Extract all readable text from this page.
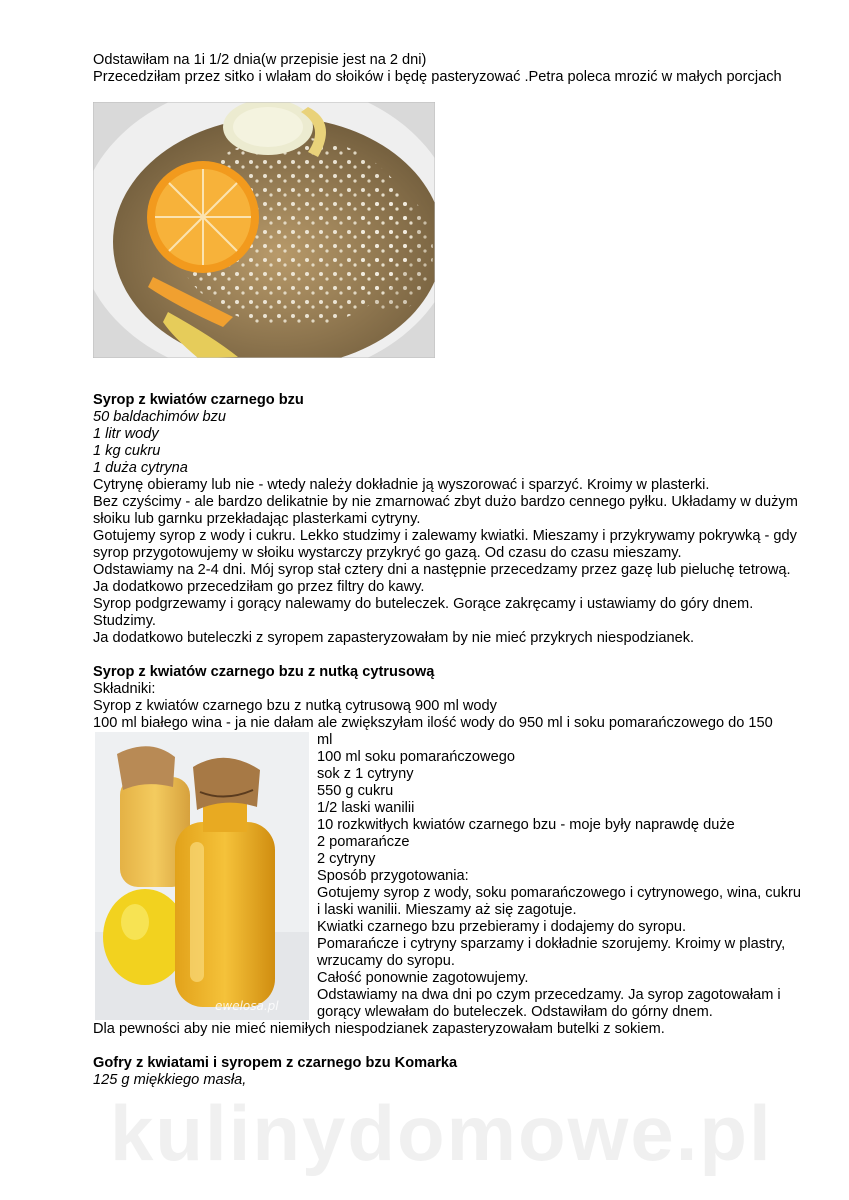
Odstawiłam na 1i 1/2 dnia(w przepisie jest na 2 dni)

Przecedziłam przez sitko i wlałam do słoików i będę pasteryzować .Petra poleca mrozić w małych porcjach

Syrop z kwiatów czarnego bzu

50 baldachimów bzu

1 litr wody

1 kg cukru

1 duża cytryna

Cytrynę obieramy lub nie - wtedy należy dokładnie ją wyszorować i sparzyć. Kroimy w plasterki.

Bez czyścimy - ale bardzo delikatnie by nie zmarnować zbyt dużo bardzo cennego pyłku. Układamy w dużym słoiku lub garnku przekładając plasterkami cytryny.

Gotujemy syrop z wody i cukru. Lekko studzimy i zalewamy kwiatki. Mieszamy i przykrywamy pokrywką - gdy syrop przygotowujemy w słoiku wystarczy przykryć go gazą. Od czasu do czasu mieszamy.

Odstawiamy na 2-4 dni. Mój syrop stał cztery dni a następnie przecedzamy przez gazę lub pieluchę tetrową. Ja dodatkowo przecedziłam go przez filtry do kawy.

Syrop podgrzewamy i gorący nalewamy do buteleczek. Gorące zakręcamy i ustawiamy do góry dnem.

Studzimy.

Ja dodatkowo buteleczki z syropem zapasteryzowałam by nie mieć przykrych niespodzianek.

Syrop z kwiatów czarnego bzu z nutką cytrusową

Składniki:

Syrop z kwiatów czarnego bzu z nutką cytrusową 900 ml wody

100 ml białego wina - ja nie dałam ale zwiększyłam ilość wody do 950 ml i soku pomarańczowego do 150

ewelosa.pl

ml

100 ml soku pomarańczowego

sok z 1 cytryny

550 g cukru

1/2 laski wanilii

10 rozkwitłych kwiatów czarnego bzu - moje były naprawdę duże

2 pomarańcze

2 cytryny

Sposób przygotowania:

Gotujemy syrop z wody, soku pomarańczowego i cytrynowego, wina, cukru i laski wanilii. Mieszamy aż się zagotuje.

Kwiatki czarnego bzu przebieramy i dodajemy do syropu.

Pomarańcze i cytryny sparzamy i dokładnie szorujemy. Kroimy w plastry, wrzucamy do syropu.

Całość ponownie zagotowujemy.

Odstawiamy na dwa dni po czym przecedzamy. Ja syrop zagotowałam i gorący wlewałam do buteleczek. Odstawiłam do górny dnem.

Dla pewności aby nie mieć niemiłych niespodzianek zapasteryzowałam butelki z sokiem.

Gofry z kwiatami i syropem z czarnego bzu Komarka

125 g miękkiego masła,

kulinydomowe.pl
